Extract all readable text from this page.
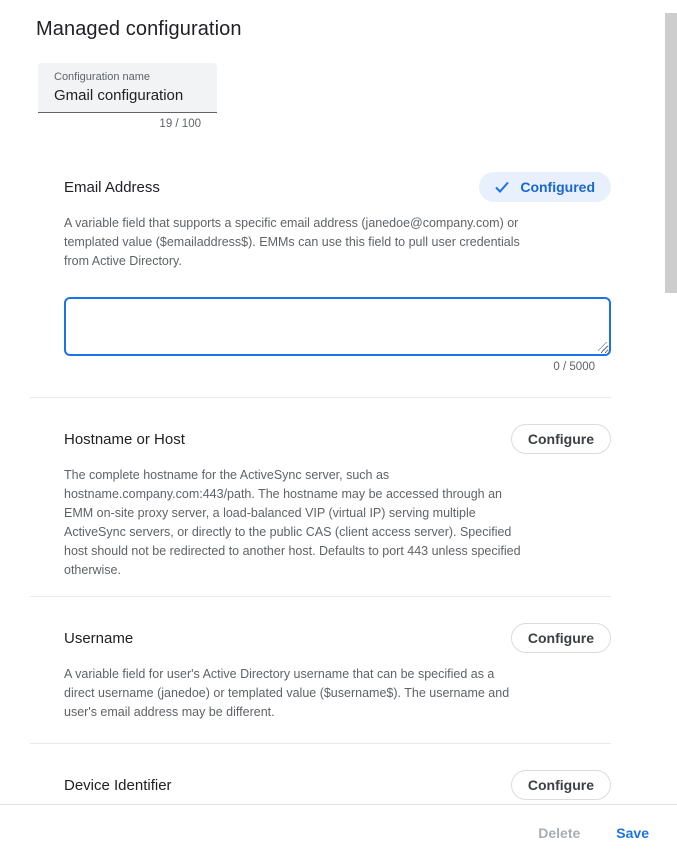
Managed configuration
Configuration name
Gmail configuration
19 / 100
Email Address	Configured
A variable field that supports a specific email address (janedoe@company.com) or templated value ($emailaddress$). EMMs can use this field to pull user credentials from Active Directory.
0 / 5000
Hostname or Host	Configure
The complete hostname for the ActiveSync server, such as hostname.company.com:443/path. The hostname may be accessed through an EMM on-site proxy server, a load-balanced VIP (virtual IP) serving multiple ActiveSync servers, or directly to the public CAS (client access server). Specified host should not be redirected to another host. Defaults to port 443 unless specified otherwise.
Username	Configure
A variable field for user's Active Directory username that can be specified as a direct username (janedoe) or templated value ($username$). The username and user's email address may be different.
Device Identifier	Configure
Delete	Save
